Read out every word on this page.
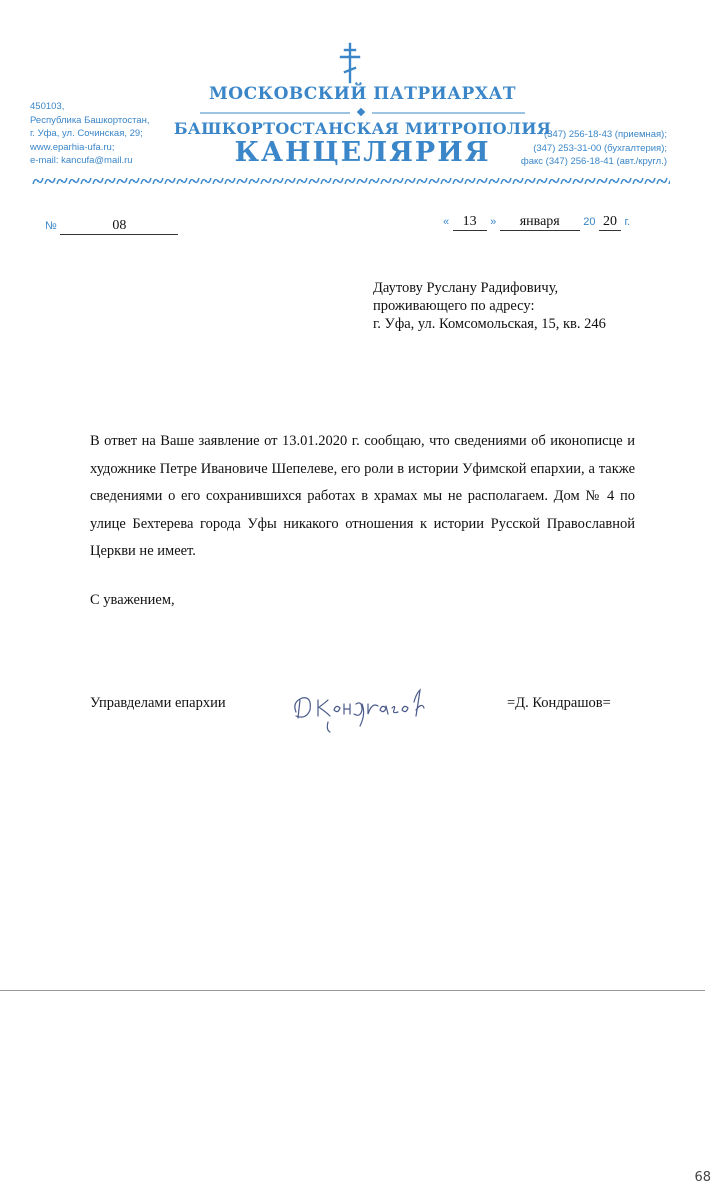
450103,
Республика Башкортостан,
г. Уфа, ул. Сочинская, 29;
www.eparhia-ufa.ru;
e-mail: kancufa@mail.ru
МОСКОВСКИЙ ПАТРИАРХАТ
БАШКОРТОСТАНСКАЯ МИТРОПОЛИЯ
КАНЦЕЛЯРИЯ
(347) 256-18-43 (приемная);
(347) 253-31-00 (бухгалтерия);
факс (347) 256-18-41 (авт./кругл.)
№	08	« 13 » января 20 20 г.
Даутову Руслану Радифовичу,
проживающего по адресу:
г. Уфа, ул. Комсомольская, 15, кв. 246

В ответ на Ваше заявление от 13.01.2020 г. сообщаю, что сведениями об иконописце и художнике Петре Ивановиче Шепелеве, его роли в истории Уфимской епархии, а также сведениями о его сохранившихся работах в храмах мы не располагаем. Дом № 4 по улице Бехтерева города Уфы никакого отношения к истории Русской Православной Церкви не имеет.

С уважением,
Управделами епархии	=Д. Кондрашов=
68
